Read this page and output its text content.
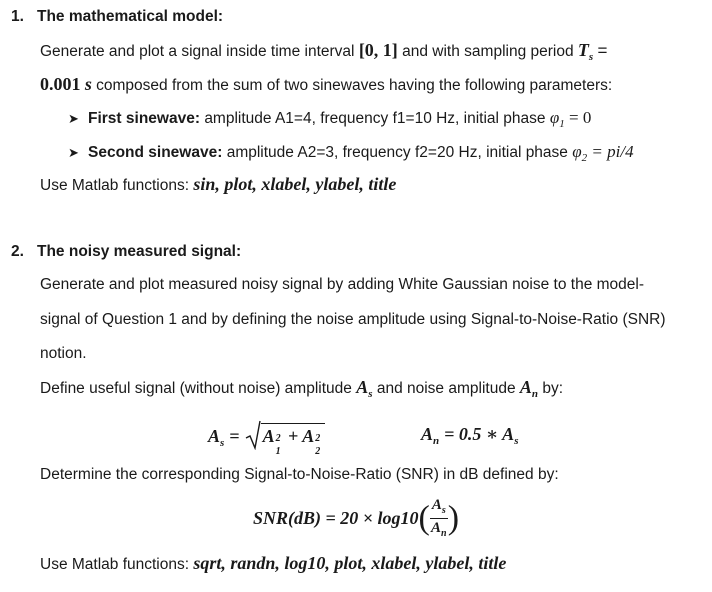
1. The mathematical model:
Generate and plot a signal inside time interval [0, 1] and with sampling period $T_s$ =
0.001 s composed from the sum of two sinewaves having the following parameters:
➤ First sinewave: amplitude A1=4, frequency f1=10 Hz, initial phase $\varphi_1 = 0$
➤ Second sinewave: amplitude A2=3, frequency f2=20 Hz, initial phase $\varphi_2 = pi/4$
Use Matlab functions: sin, plot, xlabel, ylabel, title
2. The noisy measured signal:
Generate and plot measured noisy signal by adding White Gaussian noise to the model-
signal of Question 1 and by defining the noise amplitude using Signal-to-Noise-Ratio (SNR)
notion.
Define useful signal (without noise) amplitude $A_s$ and noise amplitude $A_n$ by:
$A_s = A$ 2
1
+ A 2
2
$A_n = 0.5$ ∗ $A_s$
Determine the corresponding Signal-to-Noise-Ratio (SNR) in dB defined by:
$SNR(dB) = 20 \times \log 10( \frac{A_s}{A_n}$ )
Use Matlab functions: sqrt, randn, log10, plot, xlabel, ylabel, title
